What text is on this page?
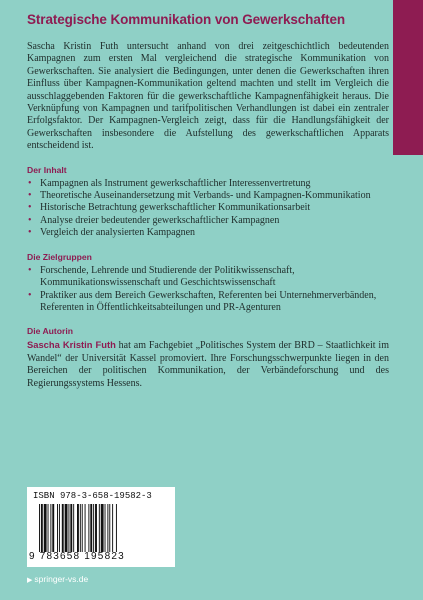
Strategische Kommunikation von Gewerkschaften

Sascha Kristin Futh untersucht anhand von drei zeitgeschichtlich bedeutenden Kampagnen zum ersten Mal vergleichend die strategische Kommunikation von Gewerkschaften. Sie analysiert die Bedingungen, unter denen die Gewerkschaften ihren Einfluss über Kampagnen-Kommunikation geltend machten und stellt im Vergleich die ausschlaggebenden Faktoren für die gewerkschaftliche Kampagnenfähigkeit heraus. Die Verknüpfung von Kampagnen und tarifpolitischen Verhandlungen ist dabei ein zentraler Erfolgsfaktor. Der Kampagnen-Vergleich zeigt, dass für die Handlungsfähigkeit der Gewerkschaften insbesondere die Aufstellung des gewerkschaftlichen Apparats entscheidend ist.

Der Inhalt
• Kampagnen als Instrument gewerkschaftlicher Interessenvertretung
• Theoretische Auseinandersetzung mit Verbands- und Kampagnen-Kommunikation
• Historische Betrachtung gewerkschaftlicher Kommunikationsarbeit
• Analyse dreier bedeutender gewerkschaftlicher Kampagnen
• Vergleich der analysierten Kampagnen
Die Zielgruppen
• Forschende, Lehrende und Studierende der Politikwissenschaft, Kommunikationswissenschaft und Geschichtswissenschaft
• Praktiker aus dem Bereich Gewerkschaften, Referenten bei Unternehmerverbänden, Referenten in Öffentlichkeitsabteilungen und PR-Agenturen
Die Autorin

Sascha Kristin Futh hat am Fachgebiet „Politisches System der BRD – Staatlichkeit im Wandel“ der Universität Kassel promoviert. Ihre Forschungsschwerpunkte liegen in den Bereichen der politischen Kommunikation, der Verbändeforschung und des Regierungssystems Hessens.

ISBN 978-3-658-19582-3
9 783658 195823
▶ springer-vs.de
